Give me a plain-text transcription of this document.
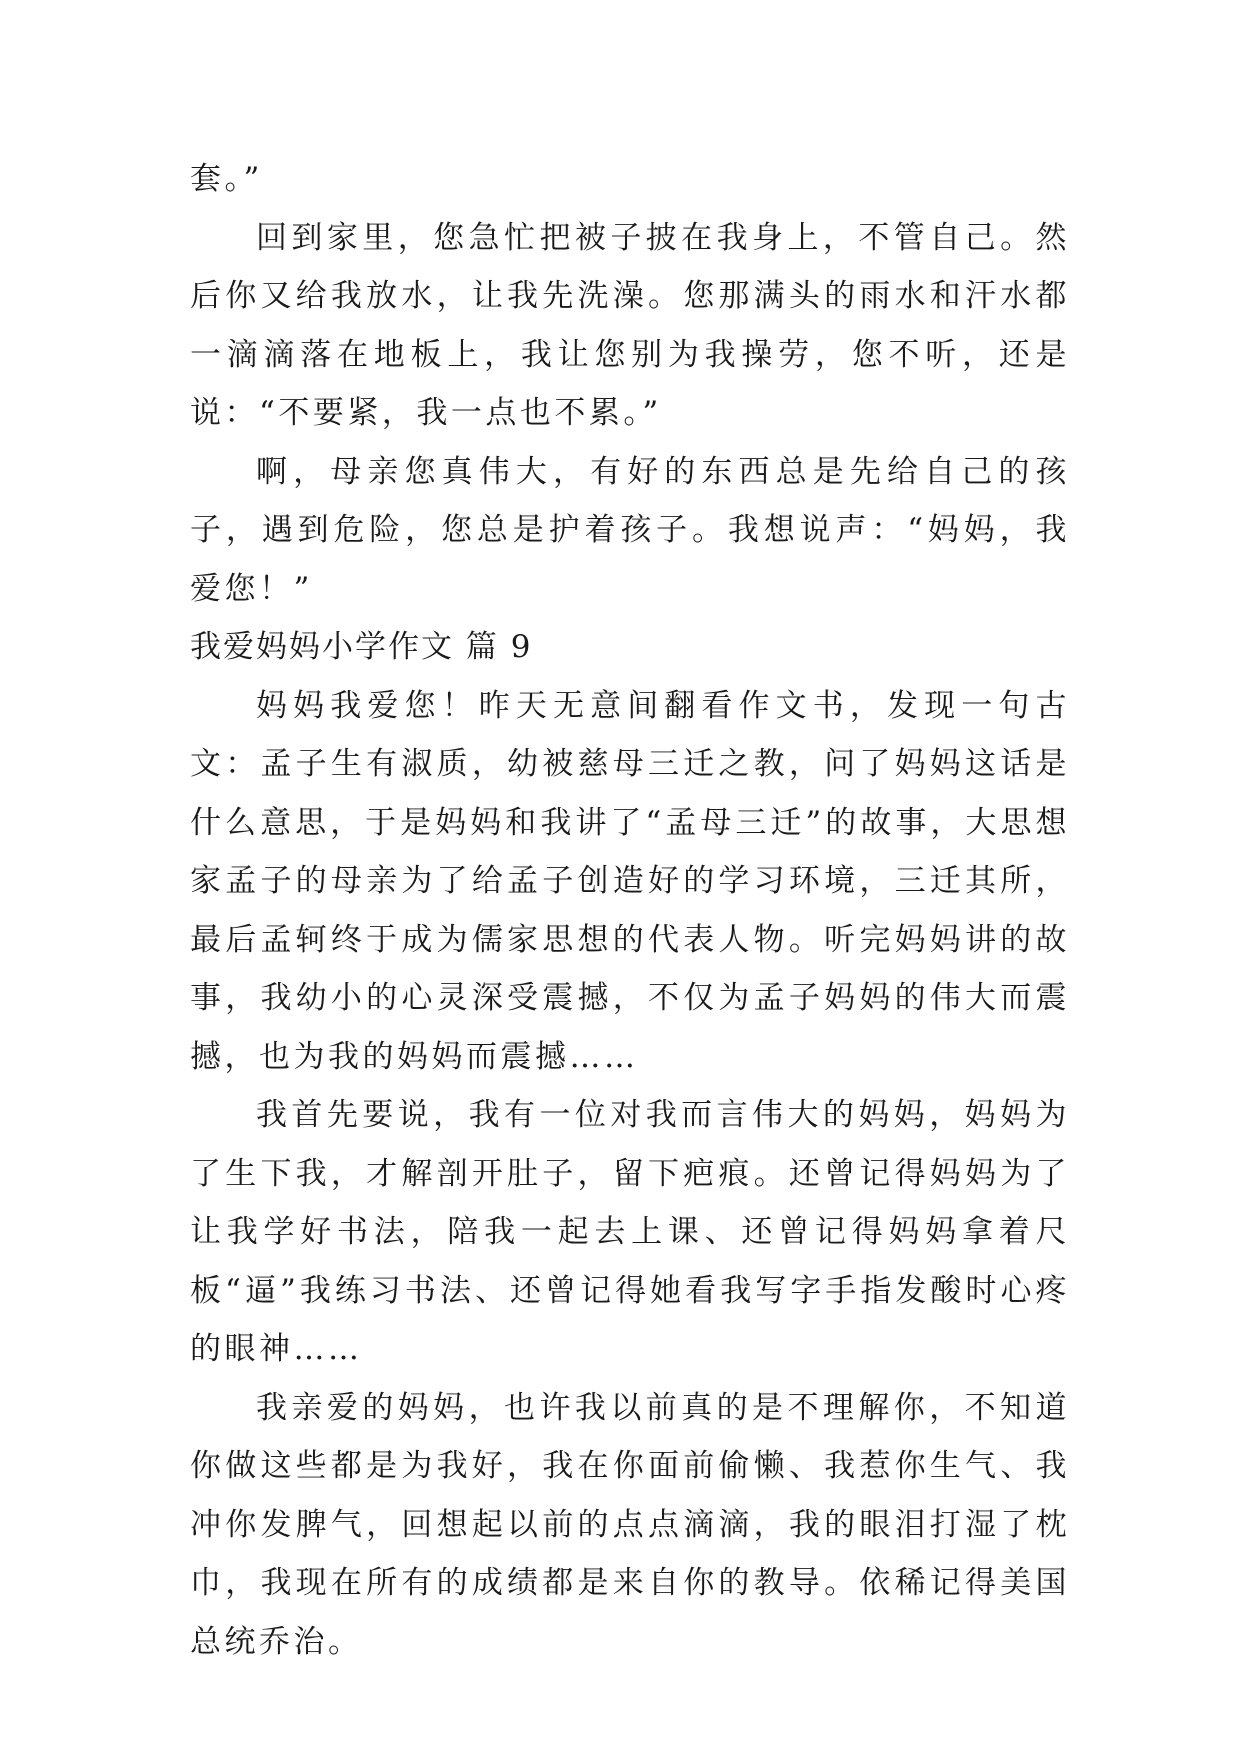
套。”

回到家里，您急忙把被子披在我身上，不管自己。然后你又给我放水，让我先洗澡。您那满头的雨水和汗水都一滴滴落在地板上，我让您别为我操劳，您不听，还是说：“不要紧，我一点也不累。”

啊，母亲您真伟大，有好的东西总是先给自己的孩子，遇到危险，您总是护着孩子。我想说声：“妈妈，我爱您！”

我爱妈妈小学作文 篇 9

妈妈我爱您！昨天无意间翻看作文书，发现一句古文：孟子生有淑质，幼被慈母三迁之教，问了妈妈这话是什么意思，于是妈妈和我讲了“孟母三迁”的故事，大思想家孟子的母亲为了给孟子创造好的学习环境，三迁其所，最后孟轲终于成为儒家思想的代表人物。听完妈妈讲的故事，我幼小的心灵深受震撼，不仅为孟子妈妈的伟大而震撼，也为我的妈妈而震撼……

我首先要说，我有一位对我而言伟大的妈妈，妈妈为了生下我，才解剖开肚子，留下疤痕。还曾记得妈妈为了让我学好书法，陪我一起去上课、还曾记得妈妈拿着尺板“逼”我练习书法、还曾记得她看我写字手指发酸时心疼的眼神……

我亲爱的妈妈，也许我以前真的是不理解你，不知道你做这些都是为我好，我在你面前偷懒、我惹你生气、我冲你发脾气，回想起以前的点点滴滴，我的眼泪打湿了枕巾，我现在所有的成绩都是来自你的教导。依稀记得美国总统乔治。
